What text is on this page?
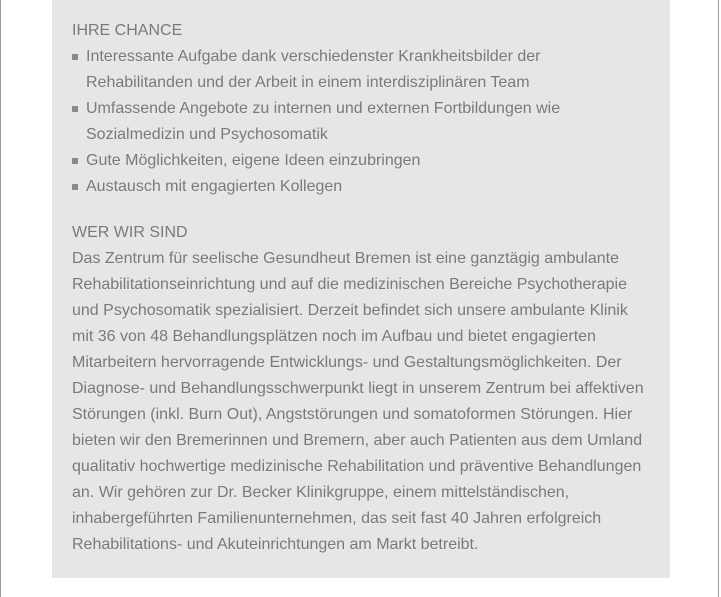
IHRE CHANCE
Interessante Aufgabe dank verschiedenster Krankheitsbilder der Rehabilitanden und der Arbeit in einem interdisziplinären Team
Umfassende Angebote zu internen und externen Fortbildungen wie Sozialmedizin und Psychosomatik
Gute Möglichkeiten, eigene Ideen einzubringen
Austausch mit engagierten Kollegen
WER WIR SIND

Das Zentrum für seelische Gesundheut Bremen ist eine ganztägig ambulante Rehabilitationseinrichtung und auf die medizinischen Bereiche Psychotherapie und Psychosomatik spezialisiert. Derzeit befindet sich unsere ambulante Klinik mit 36 von 48 Behandlungsplätzen noch im Aufbau und bietet engagierten Mitarbeitern hervorragende Entwicklungs- und Gestaltungsmöglichkeiten. Der Diagnose- und Behandlungsschwerpunkt liegt in unserem Zentrum bei affektiven Störungen (inkl. Burn Out), Angststörungen und somatoformen Störungen. Hier bieten wir den Bremerinnen und Bremern, aber auch Patienten aus dem Umland qualitativ hochwertige medizinische Rehabilitation und präventive Behandlungen an. Wir gehören zur Dr. Becker Klinikgruppe, einem mittelständischen, inhabergeführten Familienunternehmen, das seit fast 40 Jahren erfolgreich Rehabilitations- und Akuteinrichtungen am Markt betreibt.
